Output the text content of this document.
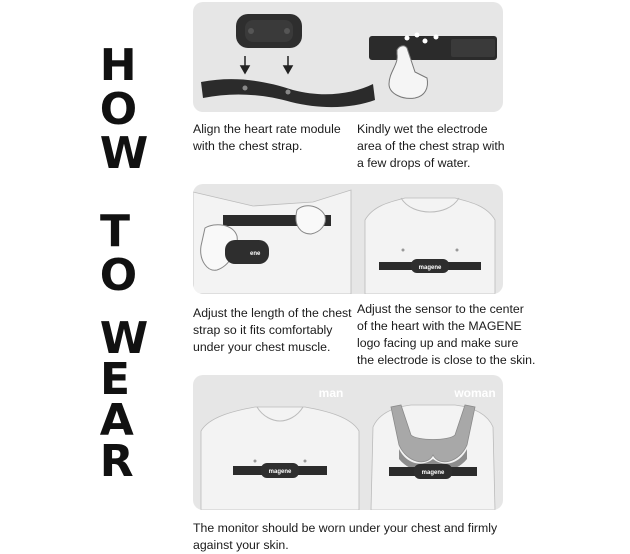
HOW
TO
WEAR
Align the heart rate module
with the chest strap.
Kindly wet the electrode
area of the chest strap with
a few drops of water.
ene
magene
Adjust the length of the chest
strap so it fits comfortably
under your chest muscle.
Adjust the sensor to the center
of the heart with the MAGENE
logo facing up and make sure
the electrode is close to the skin.
magene
man
magene
woman
The monitor should be worn under your chest and firmly
against your skin.
